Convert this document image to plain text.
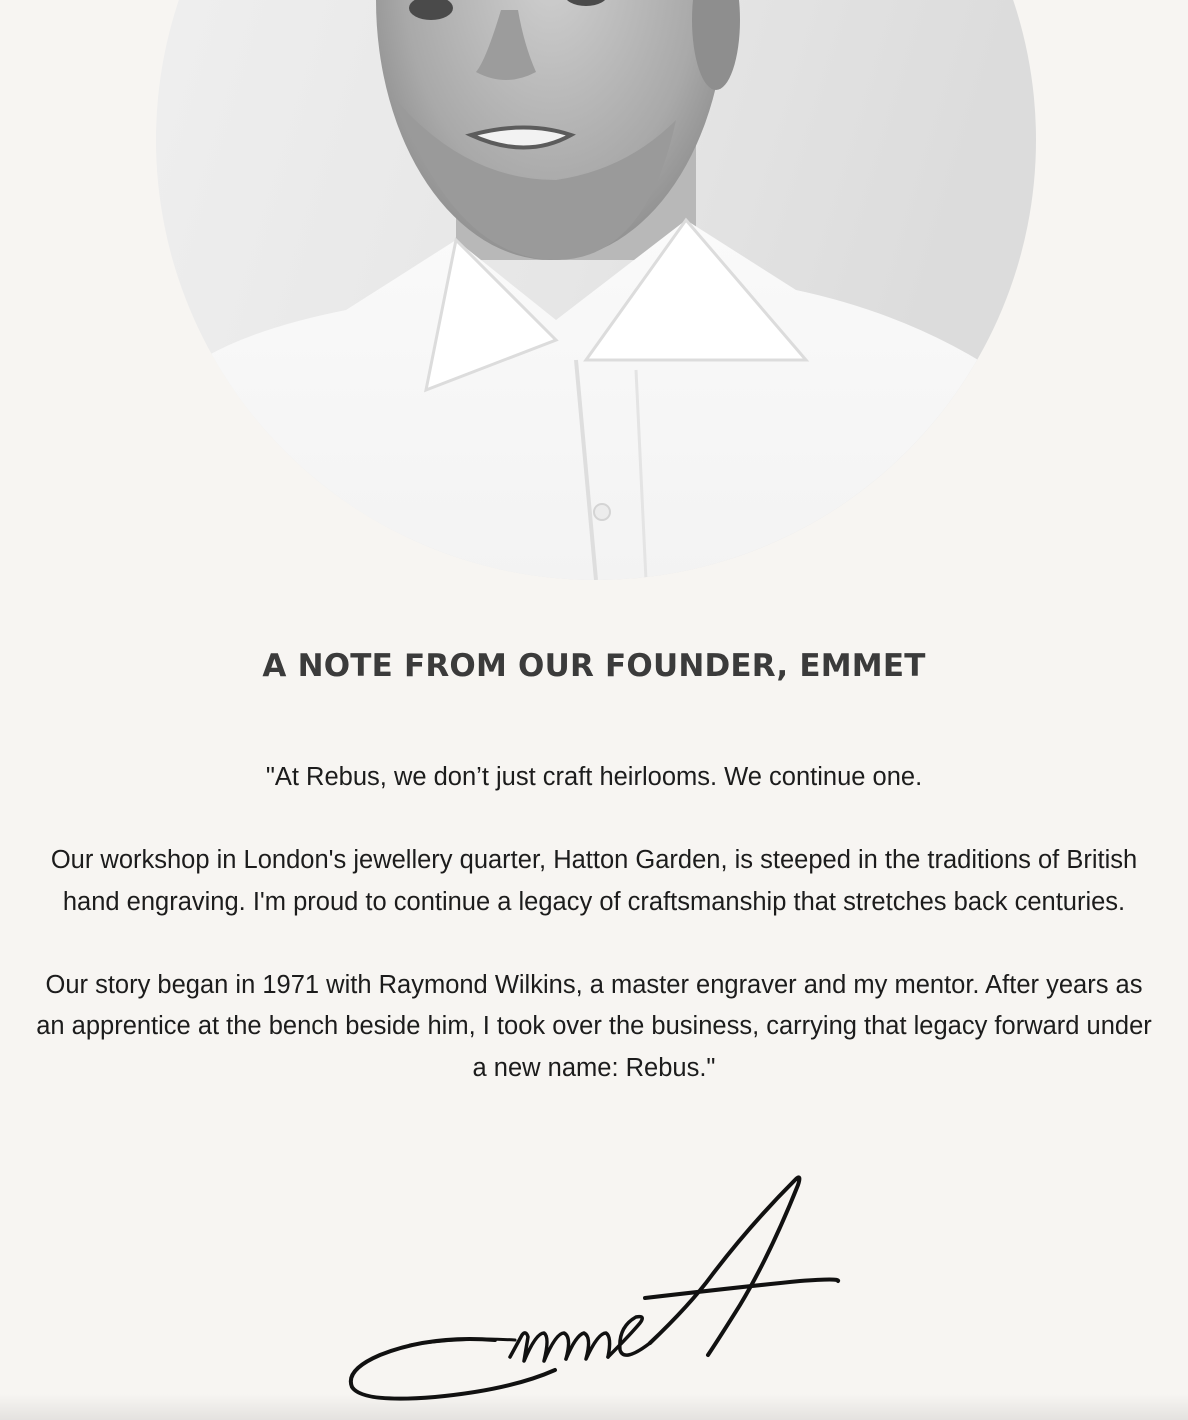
A NOTE FROM OUR FOUNDER, EMMET

"At Rebus, we don’t just craft heirlooms. We continue one.

Our workshop in London's jewellery quarter, Hatton Garden, is steeped in the traditions of British hand engraving. I'm proud to continue a legacy of craftsmanship that stretches back centuries.

Our story began in 1971 with Raymond Wilkins, a master engraver and my mentor. After years as an apprentice at the bench beside him, I took over the business, carrying that legacy forward under a new name: Rebus."
